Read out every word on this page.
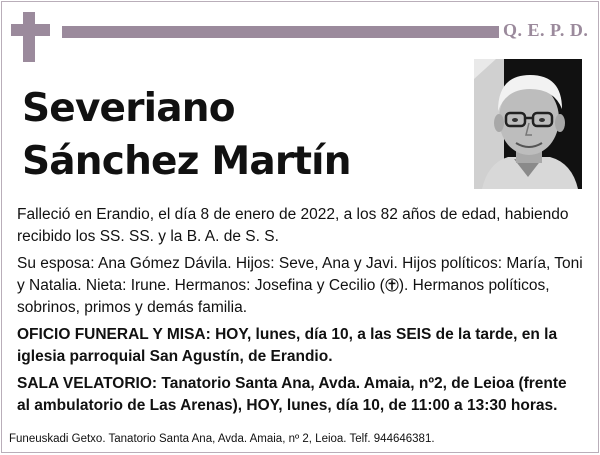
Q. E. P. D.
Severiano
Sánchez Martín

Falleció en Erandio, el día 8 de enero de 2022, a los 82 años de edad, habiendo recibido los SS. SS. y la B. A. de S. S.

Su esposa: Ana Gómez Dávila. Hijos: Seve, Ana y Javi. Hijos políticos: María, Toni y Natalia. Nieta: Irune. Hermanos: Josefina y Cecilio ( ). Hermanos políticos, sobrinos, primos y demás familia.

OFICIO FUNERAL Y MISA: HOY, lunes, día 10, a las SEIS de la tarde, en la iglesia parroquial San Agustín, de Erandio.

SALA VELATORIO: Tanatorio Santa Ana, Avda. Amaia, nº2, de Leioa (frente al ambulatorio de Las Arenas), HOY, lunes, día 10, de 11:00 a 13:30 horas.

Funeuskadi Getxo. Tanatorio Santa Ana, Avda. Amaia, nº 2, Leioa. Telf. 944646381.
